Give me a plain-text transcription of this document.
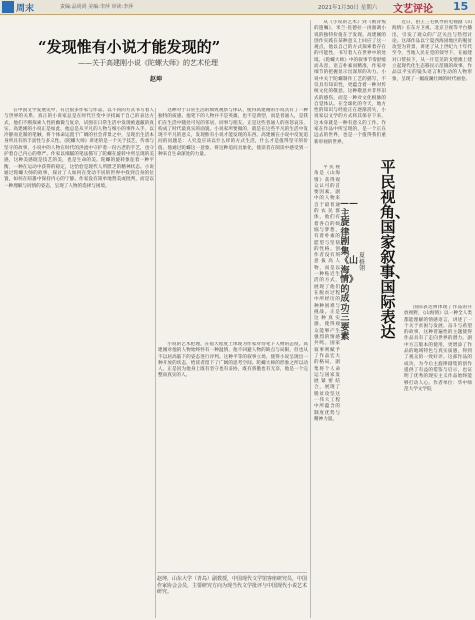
周末	责编:品尚尚 美编:李萍 审读:李萍	2021年1月30日 星期六 文艺评论 15
“发现惟有小说才能发现的”
——关于高建刚小说《陀螺大师》的艺术伦理
赵坤

在中国文学发展史中，有过很多作家与作品，以不同的方式书写着人与世界的关系，真正的小说家总是在时代巨变中寻找属于自己的表达方式，他们不断探索人性的幽微与复杂，试图在日常生活中发现被遮蔽的真实。高建刚的小说正是如此，他总是从平凡的人物与细小的事件入手，以冷静而克制的笔触，将个体命运置于广阔的社会背景之中，呈现出生活本身所具有的丰富性与多义性。《陀螺大师》讲述的是一个关于技艺、传承与坚守的故事，小说中的人物在时代的洪流中守护着一份古老的手艺，也守护着自己内心的尊严。作家以细腻的笔法描写了陀螺在旋转中所呈现的美感，这种美感既是技艺的美，也是生命的美。陀螺的旋转象征着一种平衡，一种在运动中获得的稳定，这恰恰是现代人所匮乏的精神状态。小说通过陀螺大师的故事，探讨了人如何在变动不居的世界中找到自身的位置，如何在喧嚣中保持内心的宁静。作家没有简单地赞美或批判，而是以一种理解与同情的姿态，呈现了人物的选择与困境。

这种对于日常生活的细致观察与体认，使得高建刚的小说具有了一种独特的质感。他笔下的人物并不是英雄，也不是典型，而是普通人，是我们在生活中随处可见的邻居、同事与朋友。正是这些普通人的喜怒哀乐，构成了时代最真实的面貌。小说家所要做的，就是在这些平凡的生活中发现不平凡的意义，发现惟有小说才能发现的东西。高建刚在小说中反复追问的问题是：人究竟应该以什么样的方式生活，什么才是值得坚守的价值。他通过陀螺这一意象，将这种追问具象化，使读者在阅读中感受到一种来自生命深处的力量。

小说的艺术伦理，在很大程度上体现为作家对待笔下人物的态度。高建刚对他的人物始终怀有一种温情，他不回避人物的缺点与局限，但也从不以居高临下的姿态进行评判。这种平等的叙事立场，使得小说呈现出一种开放的状态，给读者留下了广阔的思考空间。陀螺大师的形象之所以动人，正是因为他身上既有坚守也有妥协，既有骄傲也有无奈，他是一个完整而真实的人。

赵坤，山东大学（青岛）副教授，中国现代文学馆客座研究员，中国作家协会会员，主要研究方向为现当代文学批评与中国现代小说艺术研究。

从《小说的艺术》到《被背叛的遗嘱》，米兰·昆德拉一再强调小说的独特价值在于发现。高建刚的创作实践在某种意义上回应了这一观点，他以自己的方式探索着存在的可能性，书写着人在世界中的处境。《陀螺大师》中的叙事节奏舒缓而从容，语言朴素而精准，作家对细节的把握显示出深厚的功力。小说中关于陀螺制作工艺的描写，不仅具有知识性，更蕴含着一种对传统文化的敬意。这种敬意并非怀旧式的感伤，而是一种对文化根脉的自觉体认。在全球化的今天，地方性的知识与经验正在逐渐消失，小说家以文学的方式将其保存下来，这本身就是一种有意义的工作。作家在作品中所呈现的，是一个正在远去的世界，也是一个值得我们重新审视的世界。

近日，由王三毛执导的电视剧《山海情》在东方卫视、北京卫视等平台播出，引发了观众的广泛关注与热烈讨论。这部作品以宁夏西海固地区的脱贫攻坚为背景，讲述了从上世纪九十年代至今，当地人民在党的领导下，在福建对口帮扶下，从一片荒芜的戈壁滩上建立起现代化生态移民示范镇的故事。作品以平实的镜头语言和生动的人物形象，呈现了一幅波澜壮阔的时代画卷。

平民视角、国家叙事、国际表达
——主旋律剧集《山海情》的成功三要素
夏格翎

平民视角是《山海情》获得观众认可的首要因素。剧中的人物来自于最普通的农民群体，他们有着各自的烦恼与梦想，有着朴素的愿望与坚韧的性格。创作者没有刻意拔高人物，而是以一种贴近生活的方式，展现了他们在脱贫过程中所经历的种种困难与挑战。正是这种真实感，使得观众能够产生强烈的情感共鸣。国家叙事则赋予了作品宏大的格局，剧集将个人命运与国家发展紧密结合，展现了脱贫攻坚这一伟大工程中所蕴含的制度优势与精神力量。

国际表达则体现了作品的开放视野，《山海情》以一种全人类都能理解的情感语言，讲述了一个关于贫困与发展、奋斗与希望的故事，这种普遍性的主题使得作品具有了走向世界的潜力。剧中方言版本的使用，更增添了作品的地域特色与真实质感，得到了观众的一致好评。这部作品的成功，为今后主旋律剧集的创作提供了有益的借鉴与启示，也证明了优秀的现实主义作品始终能够打动人心。作者单位：华中师范大学文学院
